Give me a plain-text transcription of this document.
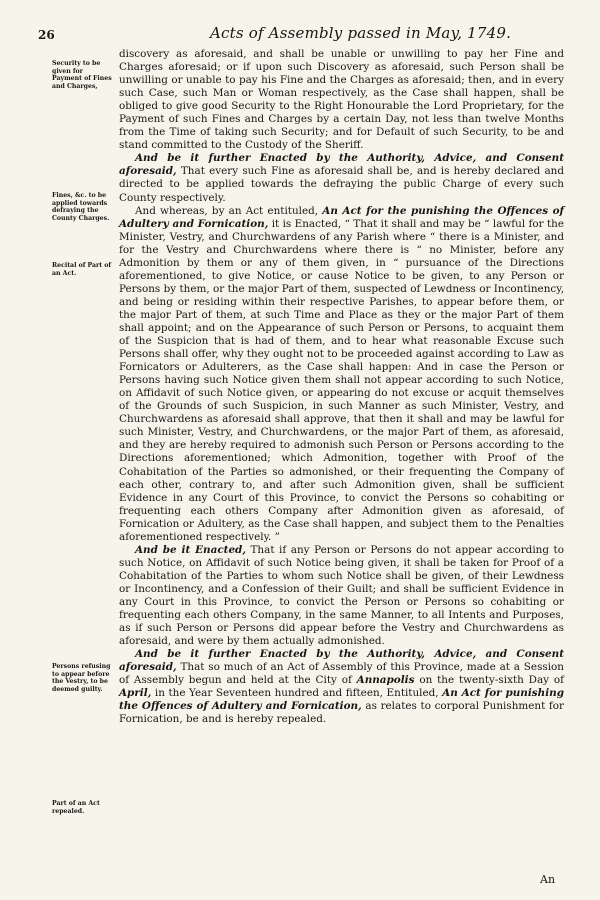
26	Acts of Assembly passed in May, 1749.
Security to be given for Payment of Fines and Charges,
Fines, &c. to be applied towards defraying the County Charges.
Recital of Part of an Act.
Persons refusing to appear before the Vestry, to be deemed guilty.
Part of an Act repealed.

discovery as aforesaid, and shall be unable or unwilling to pay her Fine and Charges aforesaid; or if upon such Discovery as aforesaid, such Person shall be unwilling or unable to pay his Fine and the Charges as aforesaid; then, and in every such Case, such Man or Woman respectively, as the Case shall happen, shall be obliged to give good Security to the Right Honourable the Lord Proprietary, for the Payment of such Fines and Charges by a certain Day, not less than twelve Months from the Time of taking such Security; and for Default of such Security, to be and stand committed to the Custody of the Sheriff.

And be it further Enacted by the Authority, Advice, and Consent aforesaid, That every such Fine as aforesaid shall be, and is hereby declared and directed to be applied towards the defraying the public Charge of every such County respectively.

And whereas, by an Act entituled, An Act for the punishing the Offences of Adultery and Fornication, it is Enacted, “ That it shall and may be “ lawful for the Minister, Vestry, and Churchwardens of any Parish where “ there is a Minister, and for the Vestry and Churchwardens where there is “ no Minister, before any Admonition by them or any of them given, in “ pursuance of the Directions aforementioned, to give Notice, or cause Notice to be given, to any Person or Persons by them, or the major Part of them, suspected of Lewdness or Incontinency, and being or residing within their respective Parishes, to appear before them, or the major Part of them, at such Time and Place as they or the major Part of them shall appoint; and on the Appearance of such Person or Persons, to acquaint them of the Suspicion that is had of them, and to hear what reasonable Excuse such Persons shall offer, why they ought not to be proceeded against according to Law as Fornicators or Adulterers, as the Case shall happen: And in case the Person or Persons having such Notice given them shall not appear according to such Notice, on Affidavit of such Notice given, or appearing do not excuse or acquit themselves of the Grounds of such Suspicion, in such Manner as such Minister, Vestry, and Churchwardens as aforesaid shall approve, that then it shall and may be lawful for such Minister, Vestry, and Churchwardens, or the major Part of them, as aforesaid, and they are hereby required to admonish such Person or Persons according to the Directions aforementioned; which Admonition, together with Proof of the Cohabitation of the Parties so admonished, or their frequenting the Company of each other, contrary to, and after such Admonition given, shall be sufficient Evidence in any Court of this Province, to convict the Persons so cohabiting or frequenting each others Company after Admonition given as aforesaid, of Fornication or Adultery, as the Case shall happen, and subject them to the Penalties aforementioned respectively. ”

And be it Enacted, That if any Person or Persons do not appear according to such Notice, on Affidavit of such Notice being given, it shall be taken for Proof of a Cohabitation of the Parties to whom such Notice shall be given, of their Lewdness or Incontinency, and a Confession of their Guilt; and shall be sufficient Evidence in any Court in this Province, to convict the Person or Persons so cohabiting or frequenting each others Company, in the same Manner, to all Intents and Purposes, as if such Person or Persons did appear before the Vestry and Churchwardens as aforesaid, and were by them actually admonished.

And be it further Enacted by the Authority, Advice, and Consent aforesaid, That so much of an Act of Assembly of this Province, made at a Session of Assembly begun and held at the City of Annapolis on the twenty-sixth Day of April, in the Year Seventeen hundred and fifteen, Entituled, An Act for punishing the Offences of Adultery and Fornication, as relates to corporal Punishment for Fornication, be and is hereby repealed.

An
